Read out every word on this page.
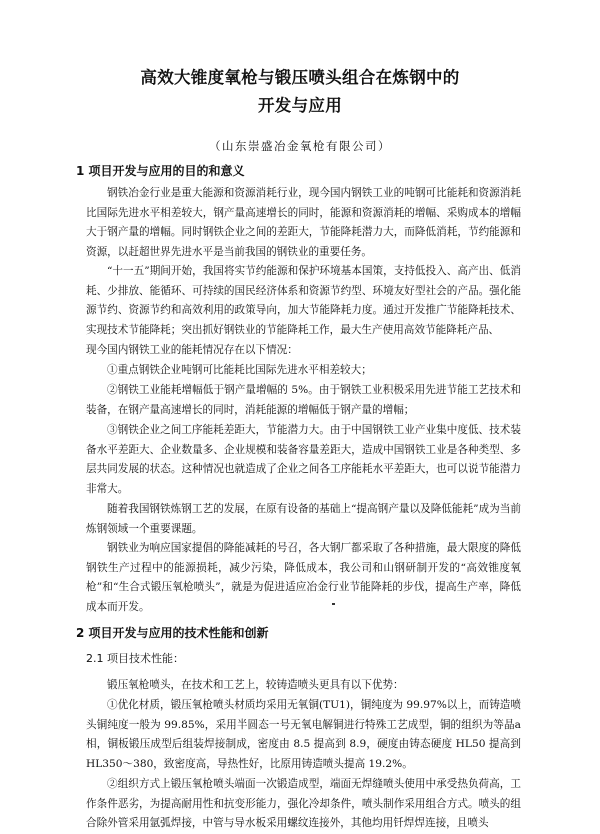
高效大锥度氧枪与锻压喷头组合在炼钢中的
开发与应用
（山东崇盛冶金氧枪有限公司）
1 项目开发与应用的目的和意义
钢铁冶金行业是重大能源和资源消耗行业，现今国内钢铁工业的吨钢可比能耗和资源消耗比国际先进水平相差较大，钢产量高速增长的同时，能源和资源消耗的增幅、采购成本的增幅大于钢产量的增幅。同时钢铁企业之间的差距大，节能降耗潜力大，而降低消耗，节约能源和资源，以赶超世界先进水平是当前我国的钢铁业的重要任务。
“十一五”期间开始，我国将实节约能源和保护环境基本国策，支持低投入、高产出、低消耗、少排放、能循环、可持续的国民经济体系和资源节约型、环境友好型社会的产品。强化能源节约、资源节约和高效利用的政策导向，加大节能降耗力度。通过开发推广节能降耗技术、实现技术节能降耗；突出抓好钢铁业的节能降耗工作，最大生产使用高效节能降耗产品、
现今国内钢铁工业的能耗情况存在以下情况：
①重点钢铁企业吨钢可比能耗比国际先进水平相差较大；
②钢铁工业能耗增幅低于钢产量增幅的 5%。由于钢铁工业积极采用先进节能工艺技术和装备，在钢产量高速增长的同时，消耗能源的增幅低于钢产量的增幅；
③钢铁企业之间工序能耗差距大，节能潜力大。由于中国钢铁工业产业集中度低、技术装备水平差距大、企业数量多、企业规模和装备容量差距大，造成中国钢铁工业是各种类型、多层共同发展的状态。这种情况也就造成了企业之间各工序能耗水平差距大，也可以说节能潜力非常大。
随着我国钢铁炼钢工艺的发展，在原有设备的基础上“提高钢产量以及降低能耗”成为当前炼钢领域一个重要课题。
钢铁业为响应国家提倡的降能减耗的号召，各大钢厂都采取了各种措施，最大限度的降低钢铁生产过程中的能源损耗，减少污染，降低成本，我公司和山钢研制开发的“高效锥度氧枪”和“生合式锻压氧枪喷头”，就是为促进适应冶金行业节能降耗的步伐，提高生产率，降低成本而开发。
2 项目开发与应用的技术性能和创新
2.1 项目技术性能：
锻压氧枪喷头，在技术和工艺上，较铸造喷头更具有以下优势：
①优化材质，锻压氧枪喷头材质均采用无氧铜(TU1)，铜纯度为 99.97%以上，而铸造喷头铜纯度一般为 99.85%，采用半圆态一号无氧电解铜进行特殊工艺成型，铜的组织为等晶a 相，铜板锻压成型后组装焊接制成，密度由 8.5 提高到 8.9，硬度由铸态硬度 HL50 提高到 HL350～380，致密度高，导热性好，比原用铸造喷头提高 19.2%。
②组织方式上锻压氧枪喷头端面一次锻造成型，端面无焊缝喷头使用中承受热负荷高，工作条件恶劣，为提高耐用性和抗变形能力，强化冷却条件，喷头制作采用组合方式。喷头的组合除外管采用氩弧焊接，中管与导水板采用螺纹连接外，其他均用钎焊焊连接，且喷头
